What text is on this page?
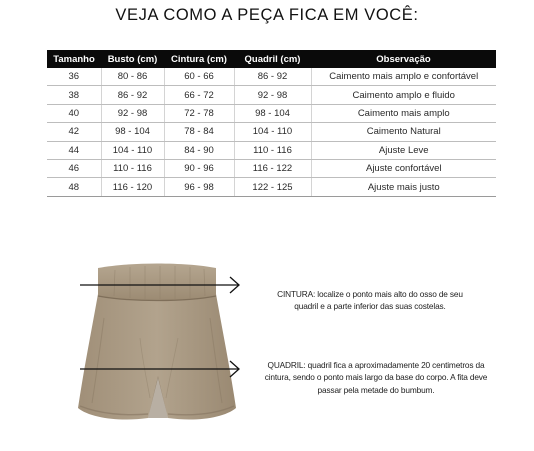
VEJA COMO A PEÇA FICA EM VOCÊ:
Tamanho	Busto (cm)	Cintura (cm)	Quadril (cm)	Observação
36	80 - 86	60 - 66	86 - 92	Caimento mais amplo e confortável
38	86 - 92	66 - 72	92 - 98	Caimento amplo e fluido
40	92 - 98	72 - 78	98 - 104	Caimento mais amplo
42	98 - 104	78 - 84	104 - 110	Caimento Natural
44	104 - 110	84 - 90	110 - 116	Ajuste Leve
46	110 - 116	90 - 96	116 - 122	Ajuste confortável
48	116 - 120	96 - 98	122 - 125	Ajuste mais justo
CINTURA: localize o ponto mais alto do osso de seu quadril e a parte inferior das suas costelas.
QUADRIL: quadril fica a aproximadamente 20 centimetros da cintura, sendo o ponto mais largo da base do corpo. A fita deve passar pela metade do bumbum.
